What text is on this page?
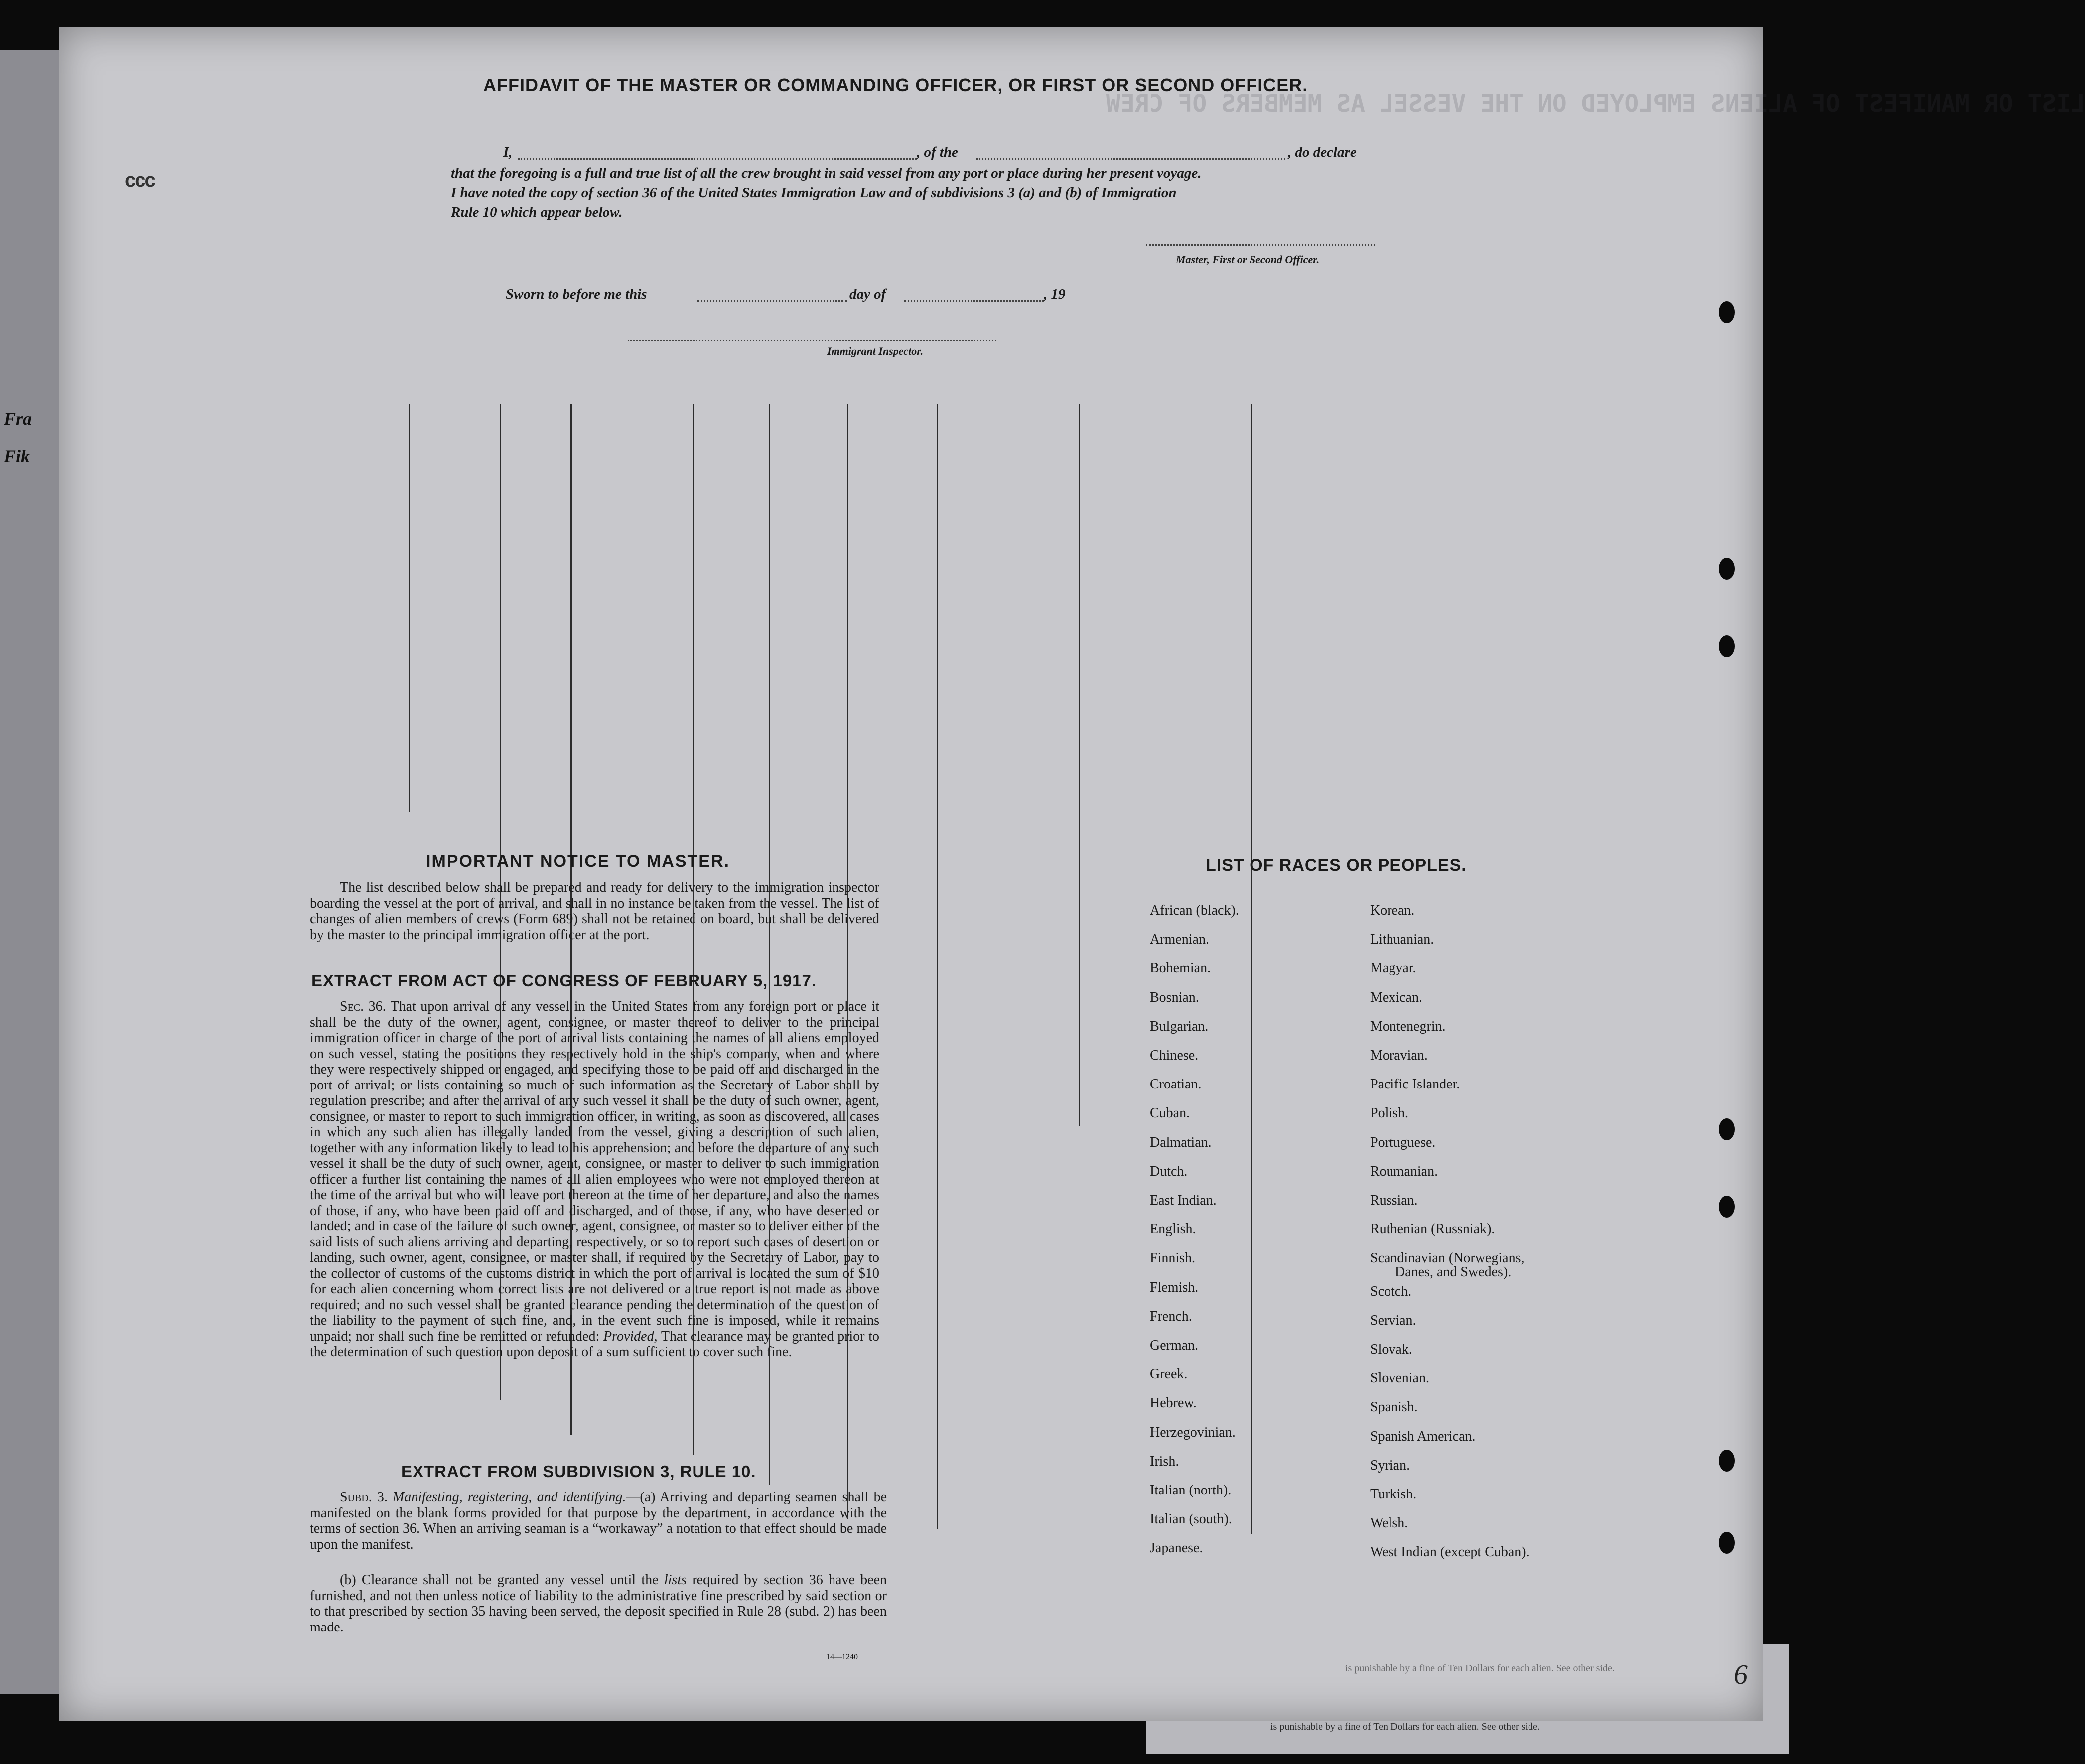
Fra
Fik
LIST OR MANIFEST OF ALIENS EMPLOYED ON THE VESSEL AS MEMBERS OF CREW
ccc
AFFIDAVIT OF THE MASTER OR COMMANDING OFFICER, OR FIRST OR SECOND OFFICER.
I,	, of the	, do declare
that the foregoing is a full and true list of all the crew brought in said vessel from any port or place during her present voyage.
I have noted the copy of section 36 of the United States Immigration Law and of subdivisions 3 (a) and (b) of Immigration
Rule 10 which appear below.
Master, First or Second Officer.
Sworn to before me this	day of	, 19
Immigrant Inspector.
IMPORTANT NOTICE TO MASTER.
The list described below shall be prepared and ready for delivery to the immigration inspector boarding the vessel at the port of arrival, and shall in no instance be taken from the vessel. The list of changes of alien members of crews (Form 689) shall not be retained on board, but shall be delivered by the master to the principal immigration officer at the port.
EXTRACT FROM ACT OF CONGRESS OF FEBRUARY 5, 1917.
Sec. 36. That upon arrival of any vessel in the United States from any foreign port or place it shall be the duty of the owner, agent, consignee, or master thereof to deliver to the principal immigration officer in charge of the port of arrival lists containing the names of all aliens employed on such vessel, stating the positions they respectively hold in the ship's company, when and where they were respectively shipped or engaged, and specifying those to be paid off and discharged in the port of arrival; or lists containing so much of such information as the Secretary of Labor shall by regulation prescribe; and after the arrival of any such vessel it shall be the duty of such owner, agent, consignee, or master to report to such immigration officer, in writing, as soon as discovered, all cases in which any such alien has illegally landed from the vessel, giving a description of such alien, together with any information likely to lead to his apprehension; and before the departure of any such vessel it shall be the duty of such owner, agent, consignee, or master to deliver to such immigration officer a further list containing the names of all alien employees who were not employed thereon at the time of the arrival but who will leave port thereon at the time of her departure, and also the names of those, if any, who have been paid off and discharged, and of those, if any, who have deserted or landed; and in case of the failure of such owner, agent, consignee, or master so to deliver either of the said lists of such aliens arriving and departing, respectively, or so to report such cases of desertion or landing, such owner, agent, consignee, or master shall, if required by the Secretary of Labor, pay to the collector of customs of the customs district in which the port of arrival is located the sum of $10 for each alien concerning whom correct lists are not delivered or a true report is not made as above required; and no such vessel shall be granted clearance pending the determination of the question of the liability to the payment of such fine, and, in the event such fine is imposed, while it remains unpaid; nor shall such fine be remitted or refunded: Provided, That clearance may be granted prior to the determination of such question upon deposit of a sum sufficient to cover such fine.
EXTRACT FROM SUBDIVISION 3, RULE 10.
Subd. 3. Manifesting, registering, and identifying.—(a) Arriving and departing seamen shall be manifested on the blank forms provided for that purpose by the department, in accordance with the terms of section 36. When an arriving seaman is a “workaway” a notation to that effect should be made upon the manifest.
(b) Clearance shall not be granted any vessel until the lists required by section 36 have been furnished, and not then unless notice of liability to the administrative fine prescribed by said section or to that prescribed by section 35 having been served, the deposit specified in Rule 28 (subd. 2) has been made.
14—1240
LIST OF RACES OR PEOPLES.
African (black).
Armenian.
Bohemian.
Bosnian.
Bulgarian.
Chinese.
Croatian.
Cuban.
Dalmatian.
Dutch.
East Indian.
English.
Finnish.
Flemish.
French.
German.
Greek.
Hebrew.
Herzegovinian.
Irish.
Italian (north).
Italian (south).
Japanese.
Korean.
Lithuanian.
Magyar.
Mexican.
Montenegrin.
Moravian.
Pacific Islander.
Polish.
Portuguese.
Roumanian.
Russian.
Ruthenian (Russniak).
Scandinavian (Norwegians,
Scotch.
Servian.
Slovak.
Slovenian.
Spanish.
Spanish American.
Syrian.
Turkish.
Welsh.
West Indian (except Cuban).
Danes, and Swedes).
is punishable by a fine of Ten Dollars for each alien. See other side.
is punishable by a fine of Ten Dollars for each alien. See other side.
6
